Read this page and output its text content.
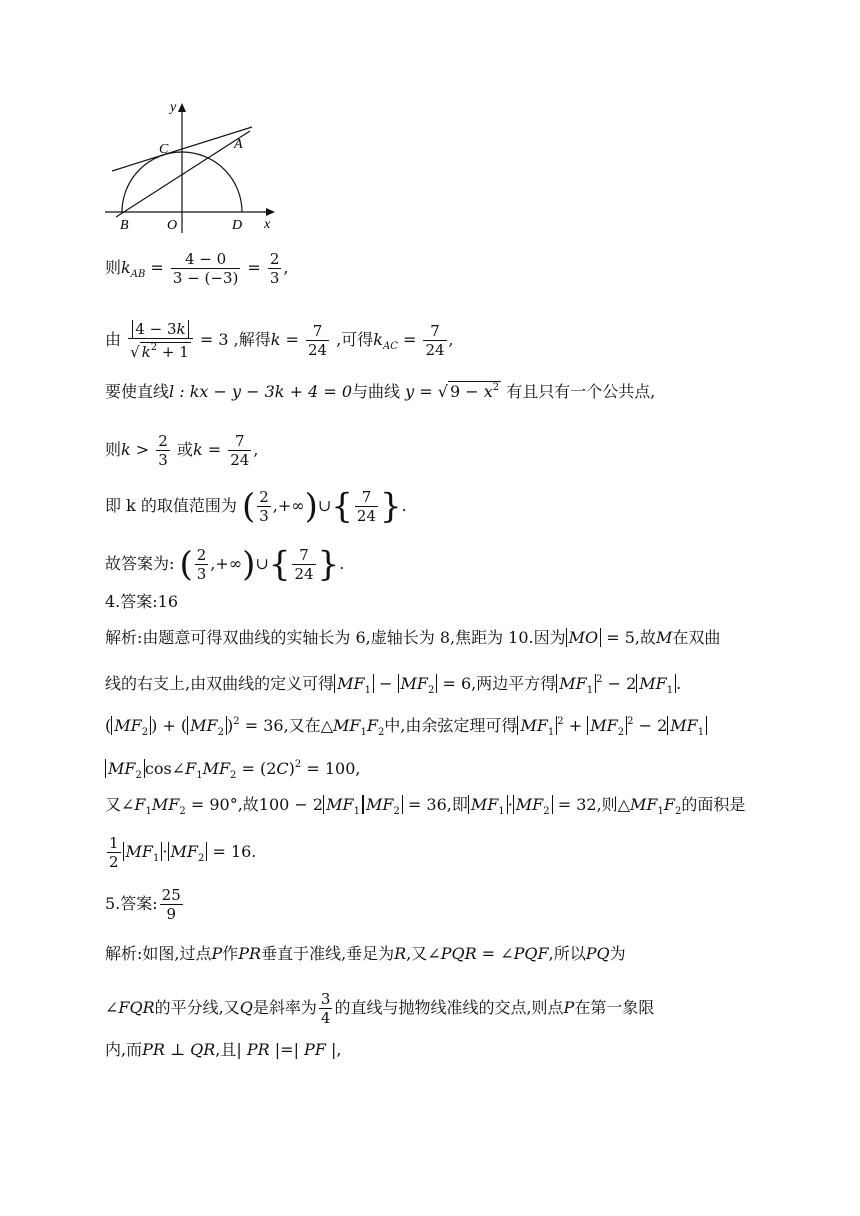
y
x
C	A
B	O	D
则$k_{AB} = \frac{4 - 0}{3 - (-3)} = \frac{2}{3}$ ,
由 $\frac{4 - 3k}{√ k^2 + 1} = 3$ ,解得$k = \frac{7}{24}$ ,可得$k_{AC} = \frac{7}{24}$ ,
要使直线l : kx − y − 3k + 4 = 0与曲线 y = √ $9 - x^2$ 有且只有一个公共点,
则$k > \frac{2}{3}$ 或$k = \frac{7}{24}$ ,
即 k 的取值范围为 ( $\frac{2}{3}$ ,+∞)∪{ $\frac{7}{24}$ }.
故答案为: ( $\frac{2}{3}$ ,+∞)∪{ $\frac{7}{24}$ }.
4.答案:16
解析:由题意可得双曲线的实轴长为 6,虚轴长为 8,焦距为 10.因为 MO = 5,故M在双曲
线的右支上,由双曲线的定义可得 $MF_1 - MF_2 = 6$,两边平方得 $MF_1^2 - 2$ $MF_1$ .
( $MF_2$ ) + ( $MF_2$ )$^2$ = 36,又在$\triangle MF_1F_2$中,由余弦定理可得 $MF_1^2 + MF_2^2 - 2$ $MF_1$
$MF_2$ $\cos\angle F_1MF_2 = (2C)^2 = 100$,
又$\angle F_1MF_2 = 90^\circ$,故100 − 2 $MF_1$ $MF_2 = 36$,即 $MF_1 \cdot MF_2 = 32$,则$\triangle MF_1F_2$的面积是
$\frac{1}{2} MF_1 \cdot MF_2 = 16$.
5.答案: $\frac{25}{9}$
解析:如图,过点P作PR垂直于准线,垂足为R,又∠PQR = ∠PQF,所以PQ为
∠FQR的平分线,又Q是斜率为 $\frac{3}{4}$ 的直线与抛物线准线的交点,则点P在第一象限
内,而PR ⊥ QR,且| PR |=| PF |,
